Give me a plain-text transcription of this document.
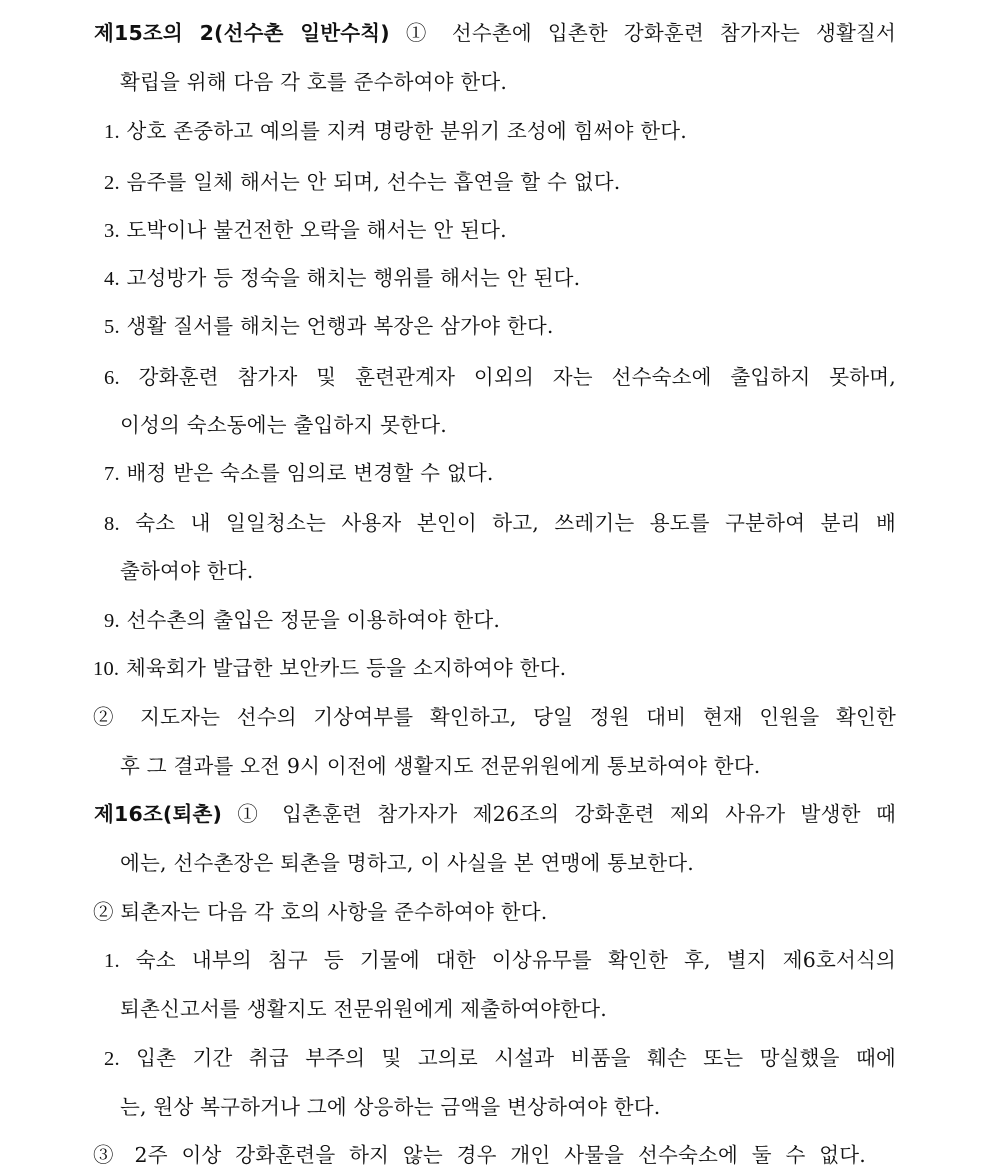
제15조의 2(선수촌 일반수칙) ① 선수촌에 입촌한 강화훈련 참가자는 생활질서
확립을 위해 다음 각 호를 준수하여야 한다.
1. 상호 존중하고 예의를 지켜 명랑한 분위기 조성에 힘써야 한다.
2. 음주를 일체 해서는 안 되며, 선수는 흡연을 할 수 없다.
3. 도박이나 불건전한 오락을 해서는 안 된다.
4. 고성방가 등 정숙을 해치는 행위를 해서는 안 된다.
5. 생활 질서를 해치는 언행과 복장은 삼가야 한다.
6. 강화훈련 참가자 및 훈련관계자 이외의 자는 선수숙소에 출입하지 못하며,
이성의 숙소동에는 출입하지 못한다.
7. 배정 받은 숙소를 임의로 변경할 수 없다.
8. 숙소 내 일일청소는 사용자 본인이 하고, 쓰레기는 용도를 구분하여 분리 배
출하여야 한다.
9. 선수촌의 출입은 정문을 이용하여야 한다.
10. 체육회가 발급한 보안카드 등을 소지하여야 한다.
② 지도자는 선수의 기상여부를 확인하고, 당일 정원 대비 현재 인원을 확인한
후 그 결과를 오전 9시 이전에 생활지도 전문위원에게 통보하여야 한다.
제16조(퇴촌) ① 입촌훈련 참가자가 제26조의 강화훈련 제외 사유가 발생한 때
에는, 선수촌장은 퇴촌을 명하고, 이 사실을 본 연맹에 통보한다.
② 퇴촌자는 다음 각 호의 사항을 준수하여야 한다.
1. 숙소 내부의 침구 등 기물에 대한 이상유무를 확인한 후, 별지 제6호서식의
퇴촌신고서를 생활지도 전문위원에게 제출하여야한다.
2. 입촌 기간 취급 부주의 및 고의로 시설과 비품을 훼손 또는 망실했을 때에
는, 원상 복구하거나 그에 상응하는 금액을 변상하여야 한다.
③ 2주 이상 강화훈련을 하지 않는 경우 개인 사물을 선수숙소에 둘 수 없다.
